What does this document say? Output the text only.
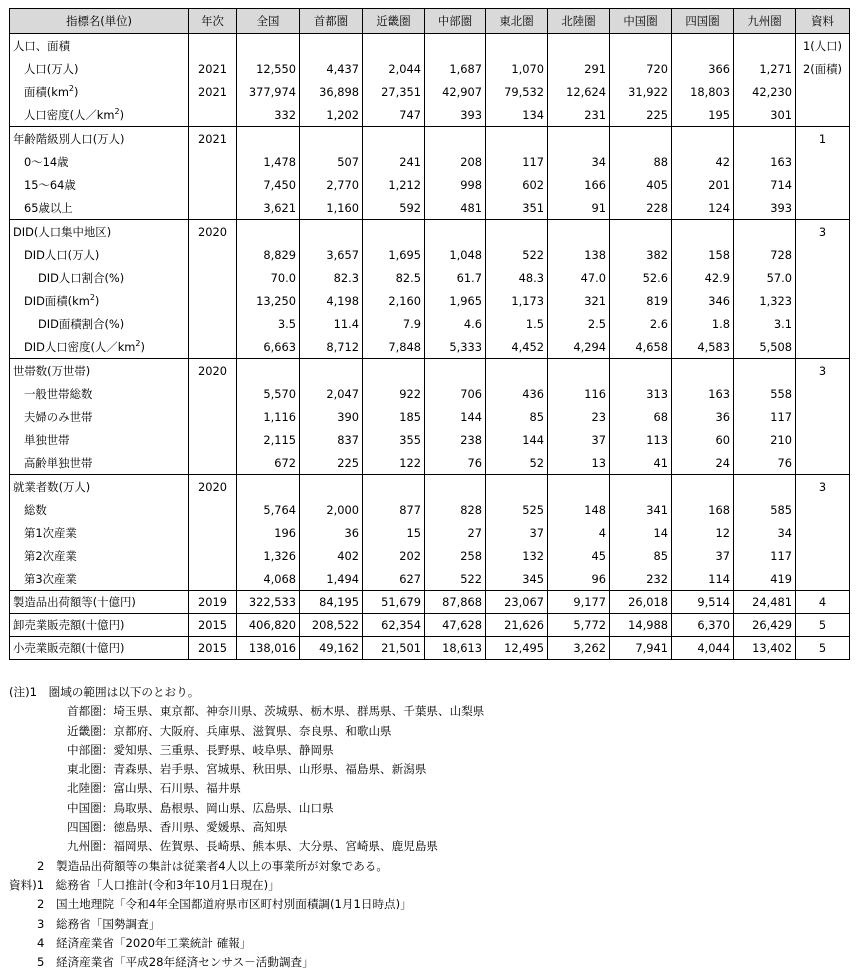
指標名(単位)	年次	全国	首都圏	近畿圏	中部圏	東北圏	北陸圏	中国圏	四国圏	九州圏	資料
人口、面積											1(人口)
人口(万人)	2021	12,550	4,437	2,044	1,687	1,070	291	720	366	1,271	2(面積)
面積$(km^2)$	2021	377,974	36,898	27,351	42,907	79,532	12,624	31,922	18,803	42,230	
人口密度(人$/km^2$)		332	1,202	747	393	134	231	225	195	301	
年齢階級別人口(万人)	2021										1
0～14歳		1,478	507	241	208	117	34	88	42	163	
15～64歳		7,450	2,770	1,212	998	602	166	405	201	714	
65歳以上		3,621	1,160	592	481	351	91	228	124	393	
DID(人口集中地区)	2020										3
DID人口(万人)		8,829	3,657	1,695	1,048	522	138	382	158	728	
DID人口割合(%)		70.0	82.3	82.5	61.7	48.3	47.0	52.6	42.9	57.0	
DID面積$(km^2)$		13,250	4,198	2,160	1,965	1,173	321	819	346	1,323	
DID面積割合(%)		3.5	11.4	7.9	4.6	1.5	2.5	2.6	1.8	3.1	
DID人口密度(人$/km^2$)		6,663	8,712	7,848	5,333	4,452	4,294	4,658	4,583	5,508	
世帯数(万世帯)	2020										3
一般世帯総数		5,570	2,047	922	706	436	116	313	163	558	
夫婦のみ世帯		1,116	390	185	144	85	23	68	36	117	
単独世帯		2,115	837	355	238	144	37	113	60	210	
高齢単独世帯		672	225	122	76	52	13	41	24	76	
就業者数(万人)	2020										3
総数		5,764	2,000	877	828	525	148	341	168	585	
第1次産業		196	36	15	27	37	4	14	12	34	
第2次産業		1,326	402	202	258	132	45	85	37	117	
第3次産業		4,068	1,494	627	522	345	96	232	114	419	
製造品出荷額等(十億円)	2019	322,533	84,195	51,679	87,868	23,067	9,177	26,018	9,514	24,481	4
卸売業販売額(十億円)	2015	406,820	208,522	62,354	47,628	21,626	5,772	14,988	6,370	26,429	5
小売業販売額(十億円)	2015	138,016	49,162	21,501	18,613	12,495	3,262	7,941	4,044	13,402	5
(注)1　圏域の範囲は以下のとおり。
首都圏：埼玉県、東京都、神奈川県、茨城県、栃木県、群馬県、千葉県、山梨県
近畿圏：京都府、大阪府、兵庫県、滋賀県、奈良県、和歌山県
中部圏：愛知県、三重県、長野県、岐阜県、静岡県
東北圏：青森県、岩手県、宮城県、秋田県、山形県、福島県、新潟県
北陸圏：富山県、石川県、福井県
中国圏：鳥取県、島根県、岡山県、広島県、山口県
四国圏：徳島県、香川県、愛媛県、高知県
九州圏：福岡県、佐賀県、長崎県、熊本県、大分県、宮崎県、鹿児島県
2　製造品出荷額等の集計は従業者4人以上の事業所が対象である。
資料)1　総務省「人口推計(令和3年10月1日現在)」
2　国土地理院「令和4年全国都道府県市区町村別面積調(1月1日時点)」
3　総務省「国勢調査」
4　経済産業省「2020年工業統計 確報」
5　経済産業省「平成28年経済センサス－活動調査」
